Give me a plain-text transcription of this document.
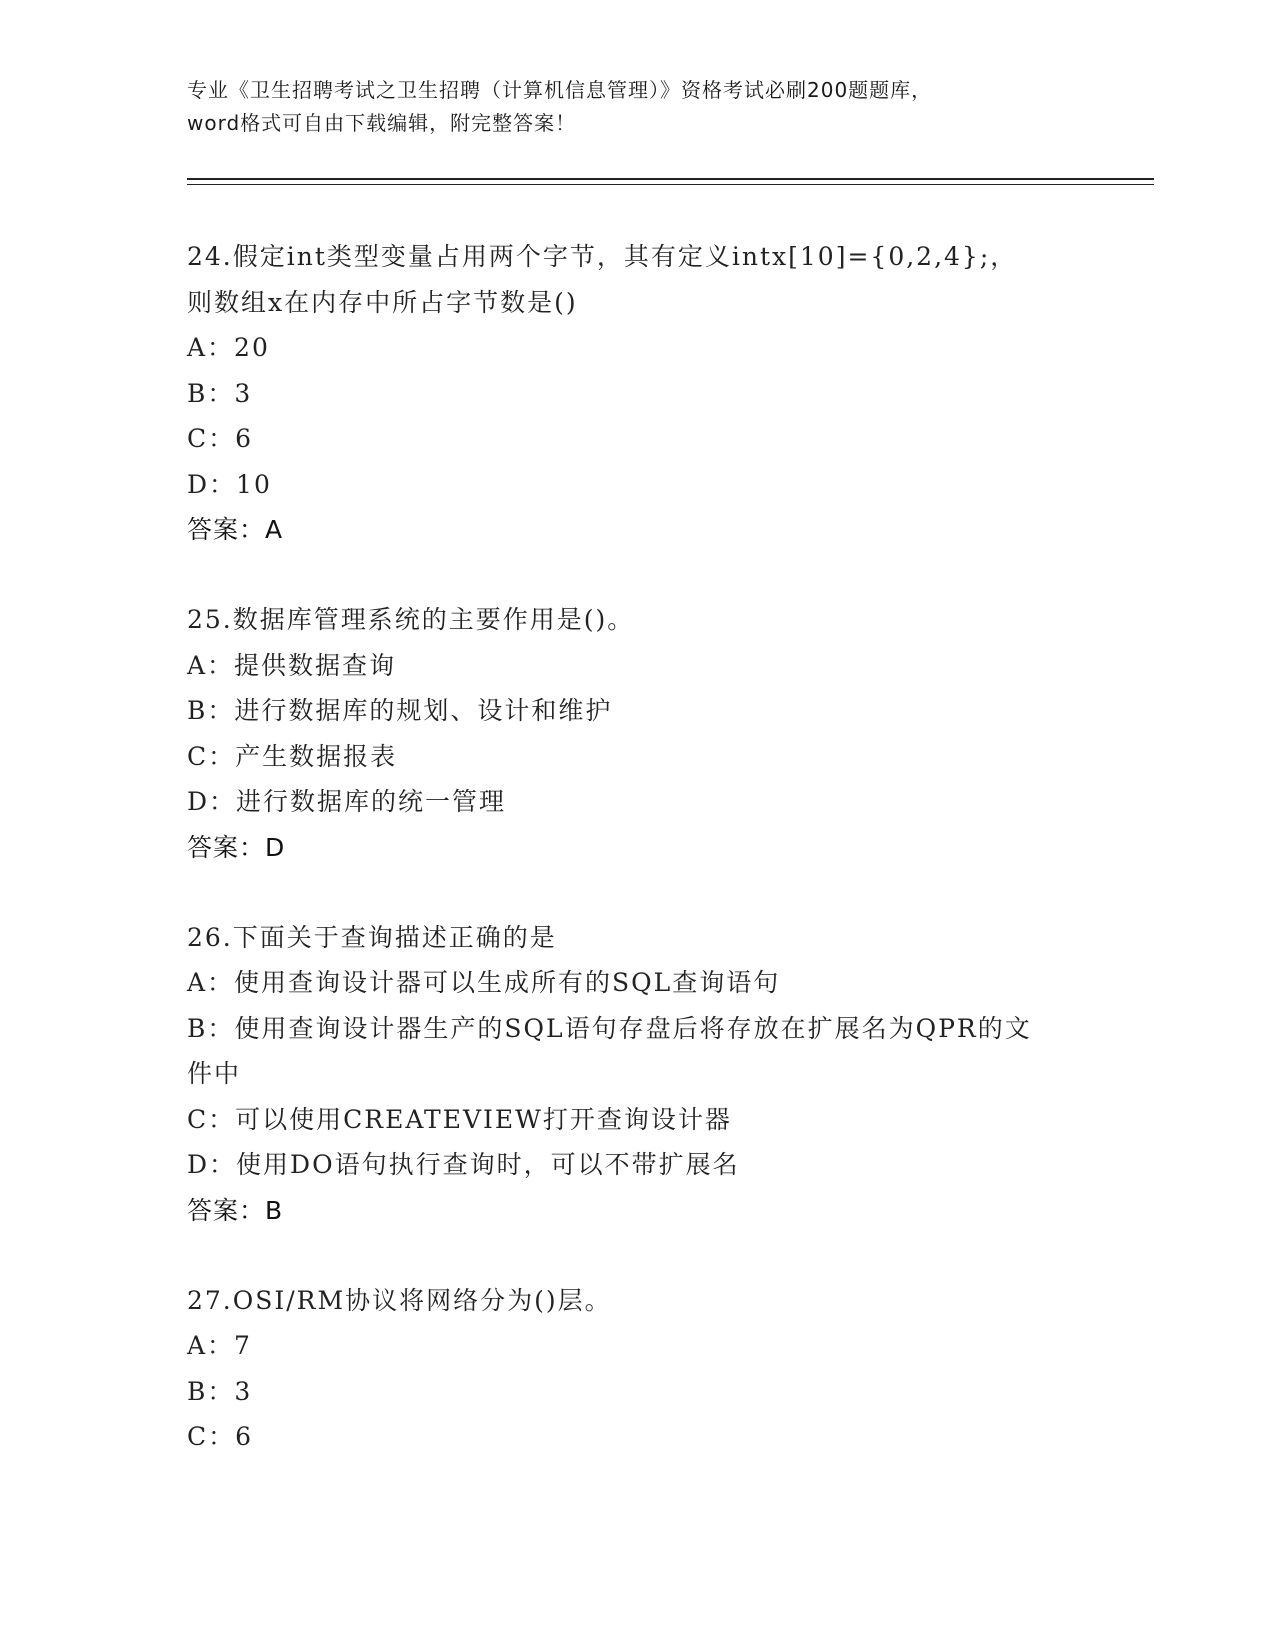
专业《卫生招聘考试之卫生招聘（计算机信息管理）》资格考试必刷200题题库，
word格式可自由下载编辑，附完整答案！
24.假定int类型变量占用两个字节，其有定义intx[10]={0,2,4};，
则数组x在内存中所占字节数是()
A：20
B：3
C：6
D：10
答案：A
25.数据库管理系统的主要作用是()。
A：提供数据查询
B：进行数据库的规划、设计和维护
C：产生数据报表
D：进行数据库的统一管理
答案：D
26.下面关于查询描述正确的是
A：使用查询设计器可以生成所有的SQL查询语句
B：使用查询设计器生产的SQL语句存盘后将存放在扩展名为QPR的文
件中
C：可以使用CREATEVIEW打开查询设计器
D：使用DO语句执行查询时，可以不带扩展名
答案：B
27.OSI/RM协议将网络分为()层。
A：7
B：3
C：6
